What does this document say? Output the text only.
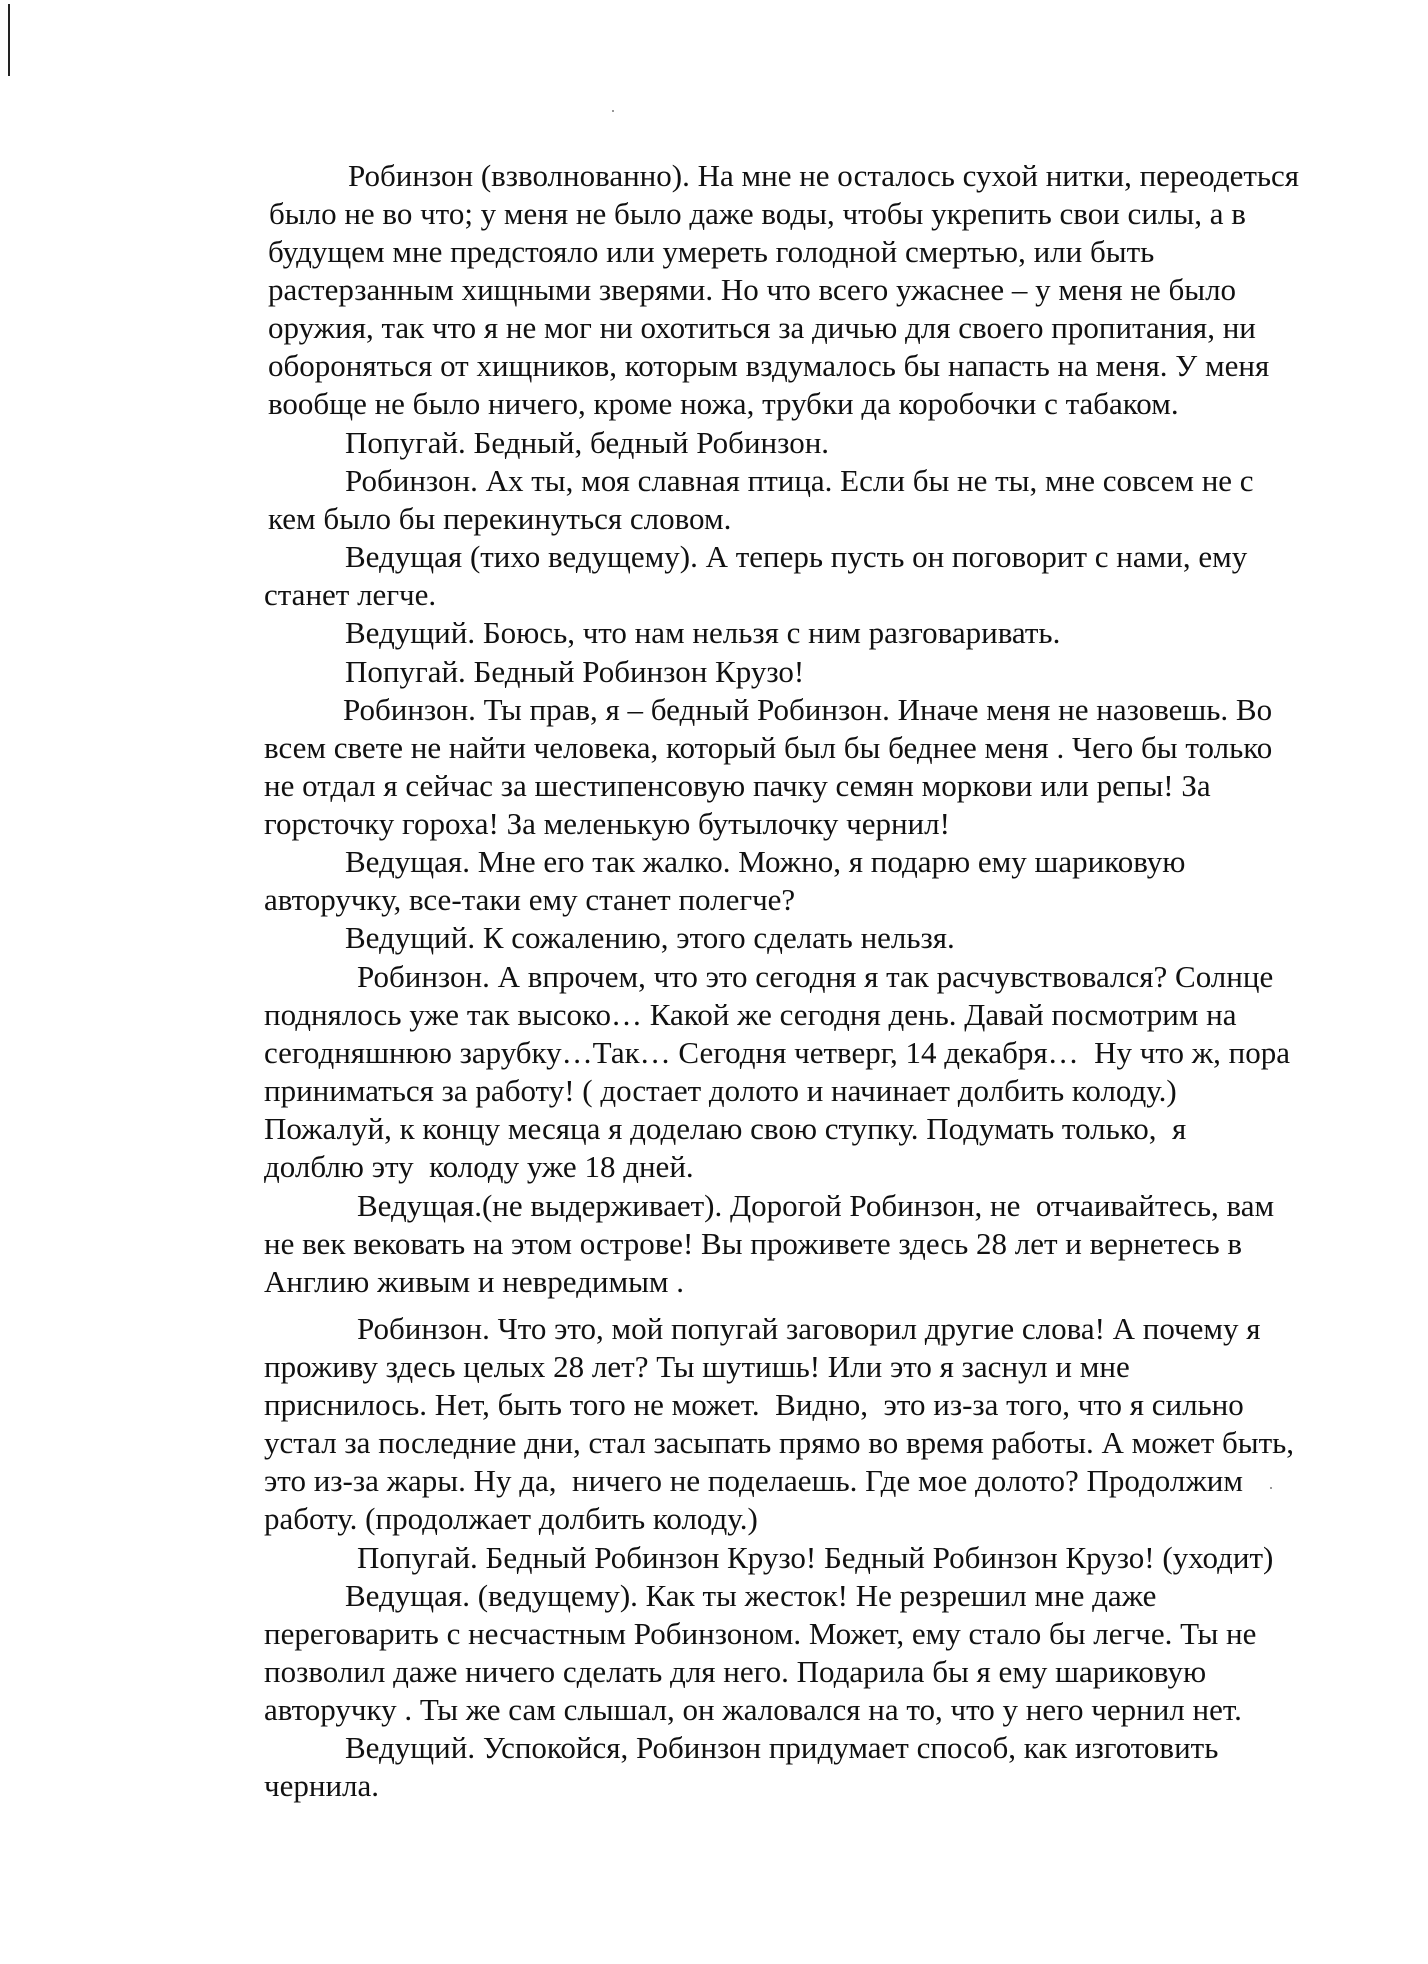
Робинзон (взволнованно). На мне не осталось сухой нитки, переодеться
было не во что; у меня не было даже воды, чтобы укрепить свои силы, а в
будущем мне предстояло или умереть голодной смертью, или быть
растерзанным хищными зверями. Но что всего ужаснее – у меня не было
оружия, так что я не мог ни охотиться за дичью для своего пропитания, ни
обороняться от хищников, которым вздумалось бы напасть на меня. У меня
вообще не было ничего, кроме ножа, трубки да коробочки с табаком.
Попугай. Бедный, бедный Робинзон.
Робинзон. Ах ты, моя славная птица. Если бы не ты, мне совсем не с
кем было бы перекинуться словом.
Ведущая (тихо ведущему). А теперь пусть он поговорит с нами, ему
станет легче.
Ведущий. Боюсь, что нам нельзя с ним разговаривать.
Попугай. Бедный Робинзон Крузо!
Робинзон. Ты прав, я – бедный Робинзон. Иначе меня не назовешь. Во
всем свете не найти человека, который был бы беднее меня . Чего бы только
не отдал я сейчас за шестипенсовую пачку семян моркови или репы! За
горсточку гороха! За меленькую бутылочку чернил!
Ведущая. Мне его так жалко. Можно, я подарю ему шариковую
авторучку, все-таки ему станет полегче?
Ведущий. К сожалению, этого сделать нельзя.
Робинзон. А впрочем, что это сегодня я так расчувствовался? Солнце
поднялось уже так высоко… Какой же сегодня день. Давай посмотрим на
сегодняшнюю зарубку…Так… Сегодня четверг, 14 декабря…  Ну что ж, пора
приниматься за работу! ( достает долото и начинает долбить колоду.)
Пожалуй, к концу месяца я доделаю свою ступку. Подумать только,  я
долблю эту  колоду уже 18 дней.
Ведущая.(не выдерживает). Дорогой Робинзон, не  отчаивайтесь, вам
не век вековать на этом острове! Вы проживете здесь 28 лет и вернетесь в
Англию живым и невредимым .
Робинзон. Что это, мой попугай заговорил другие слова! А почему я
проживу здесь целых 28 лет? Ты шутишь! Или это я заснул и мне
приснилось. Нет, быть того не может.  Видно,  это из-за того, что я сильно
устал за последние дни, стал засыпать прямо во время работы. А может быть,
это из-за жары. Ну да,  ничего не поделаешь. Где мое долото? Продолжим
работу. (продолжает долбить колоду.)
Попугай. Бедный Робинзон Крузо! Бедный Робинзон Крузо! (уходит)
Ведущая. (ведущему). Как ты жесток! Не резрешил мне даже
переговарить с несчастным Робинзоном. Может, ему стало бы легче. Ты не
позволил даже ничего сделать для него. Подарила бы я ему шариковую
авторучку . Ты же сам слышал, он жаловался на то, что у него чернил нет.
Ведущий. Успокойся, Робинзон придумает способ, как изготовить
чернила.
